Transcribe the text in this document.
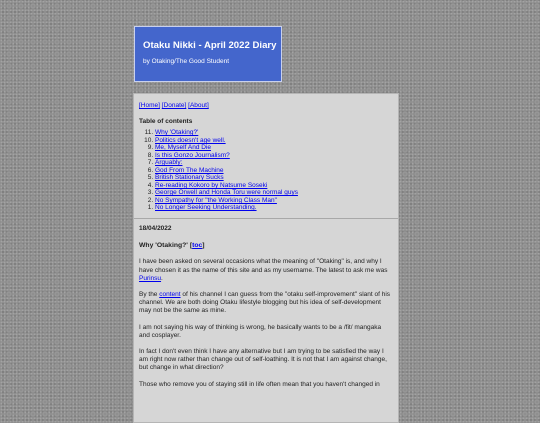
Otaku Nikki - April 2022 Diary
by Otaking/The Good Student
[Home] [Donate] [About]
Table of contents
11. Why 'Otaking?'
10. Politics doesn't age well.
9. Me, Myself And Die
8. Is this Gonzo Journalism?
7. Arguably:
6. God From The Machine
5. British Stationary Sucks
4. Re-reading Kokoro by Natsume Soseki
3. George Orwell and Honda Toru were normal guys
2. No Sympathy for "the Working Class Man"
1. No Longer Seeking Understanding.
18/04/2022
Why 'Otaking?' [toc]

I have been asked on several occasions what the meaning of "Otaking" is, and why I have chosen it as the name of this site and as my username. The latest to ask me was Purinsu.

By the content of his channel I can guess from the "otaku self-improvement" slant of his channel. We are both doing Otaku lifestyle blogging but his idea of self-development may not be the same as mine.

I am not saying his way of thinking is wrong, he basically wants to be a /fit/ mangaka and cosplayer.

In fact I don't even think I have any alternative but I am trying to be satisfied the way I am right now rather than change out of self-loathing. It is not that I am against change, but change in what direction?

Those who remove you of staying still in life often mean that you haven't changed in
